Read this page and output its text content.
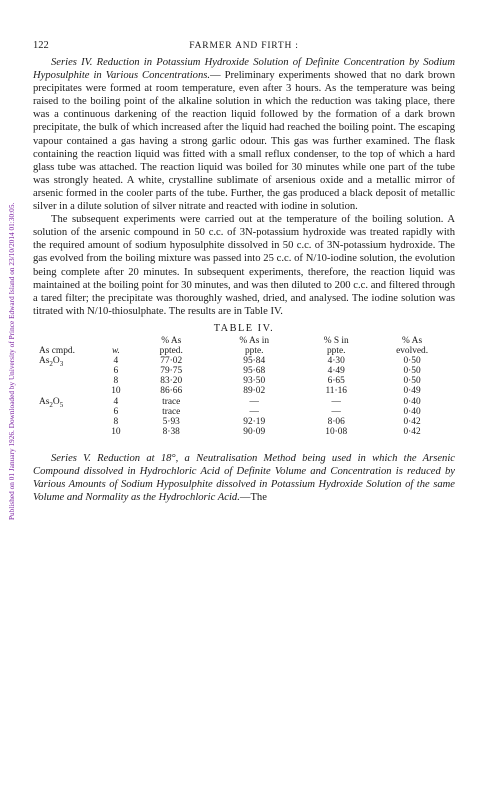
Published on 01 January 1926. Downloaded by University of Prince Edward Island on 23/10/2014 01:30:05.
122	FARMER AND FIRTH :

Series IV. Reduction in Potassium Hydroxide Solution of Definite Concentration by Sodium Hyposulphite in Various Concentrations.— Preliminary experiments showed that no dark brown precipitates were formed at room temperature, even after 3 hours. As the temperature was being raised to the boiling point of the alkaline solution in which the reduction was taking place, there was a continuous darkening of the reaction liquid followed by the formation of a dark brown precipitate, the bulk of which increased after the liquid had reached the boiling point. The escaping vapour contained a gas having a strong garlic odour. This gas was further examined. The flask containing the reaction liquid was fitted with a small reflux condenser, to the top of which a hard glass tube was attached. The reaction liquid was boiled for 30 minutes while one part of the tube was strongly heated. A white, crystalline sublimate of arsenious oxide and a metallic mirror of arsenic formed in the cooler parts of the tube. Further, the gas produced a black deposit of metallic silver in a dilute solution of silver nitrate and reacted with iodine in solution.

The subsequent experiments were carried out at the temperature of the boiling solution. A solution of the arsenic compound in 50 c.c. of 3N-potassium hydroxide was treated rapidly with the required amount of sodium hyposulphite dissolved in 50 c.c. of 3N-potassium hydroxide. The gas evolved from the boiling mixture was passed into 25 c.c. of N/10-iodine solution, the evolution being complete after 20 minutes. In subsequent experiments, therefore, the reaction liquid was maintained at the boiling point for 30 minutes, and was then diluted to 200 c.c. and filtered through a tared filter; the precipitate was thoroughly washed, dried, and analysed. The iodine solution was titrated with N/10-thiosulphate. The results are in Table IV.

TABLE IV.
		% As	% As in	% S in	% As
As cmpd.	w.	ppted.	ppte.	ppte.	evolved.
$As_2O_3$	4	77·02	95·84	4·30	0·50
	6	79·75	95·68	4·49	0·50
	8	83·20	93·50	6·65	0·50
	10	86·66	89·02	11·16	0·49
$As_2O_5$	4	trace	—	—	0·40
	6	trace	—	—	0·40
	8	5·93	92·19	8·06	0·42
	10	8·38	90·09	10·08	0·42

Series V. Reduction at 18°, a Neutralisation Method being used in which the Arsenic Compound dissolved in Hydrochloric Acid of Definite Volume and Concentration is reduced by Various Amounts of Sodium Hyposulphite dissolved in Potassium Hydroxide Solution of the same Volume and Normality as the Hydrochloric Acid.—The
